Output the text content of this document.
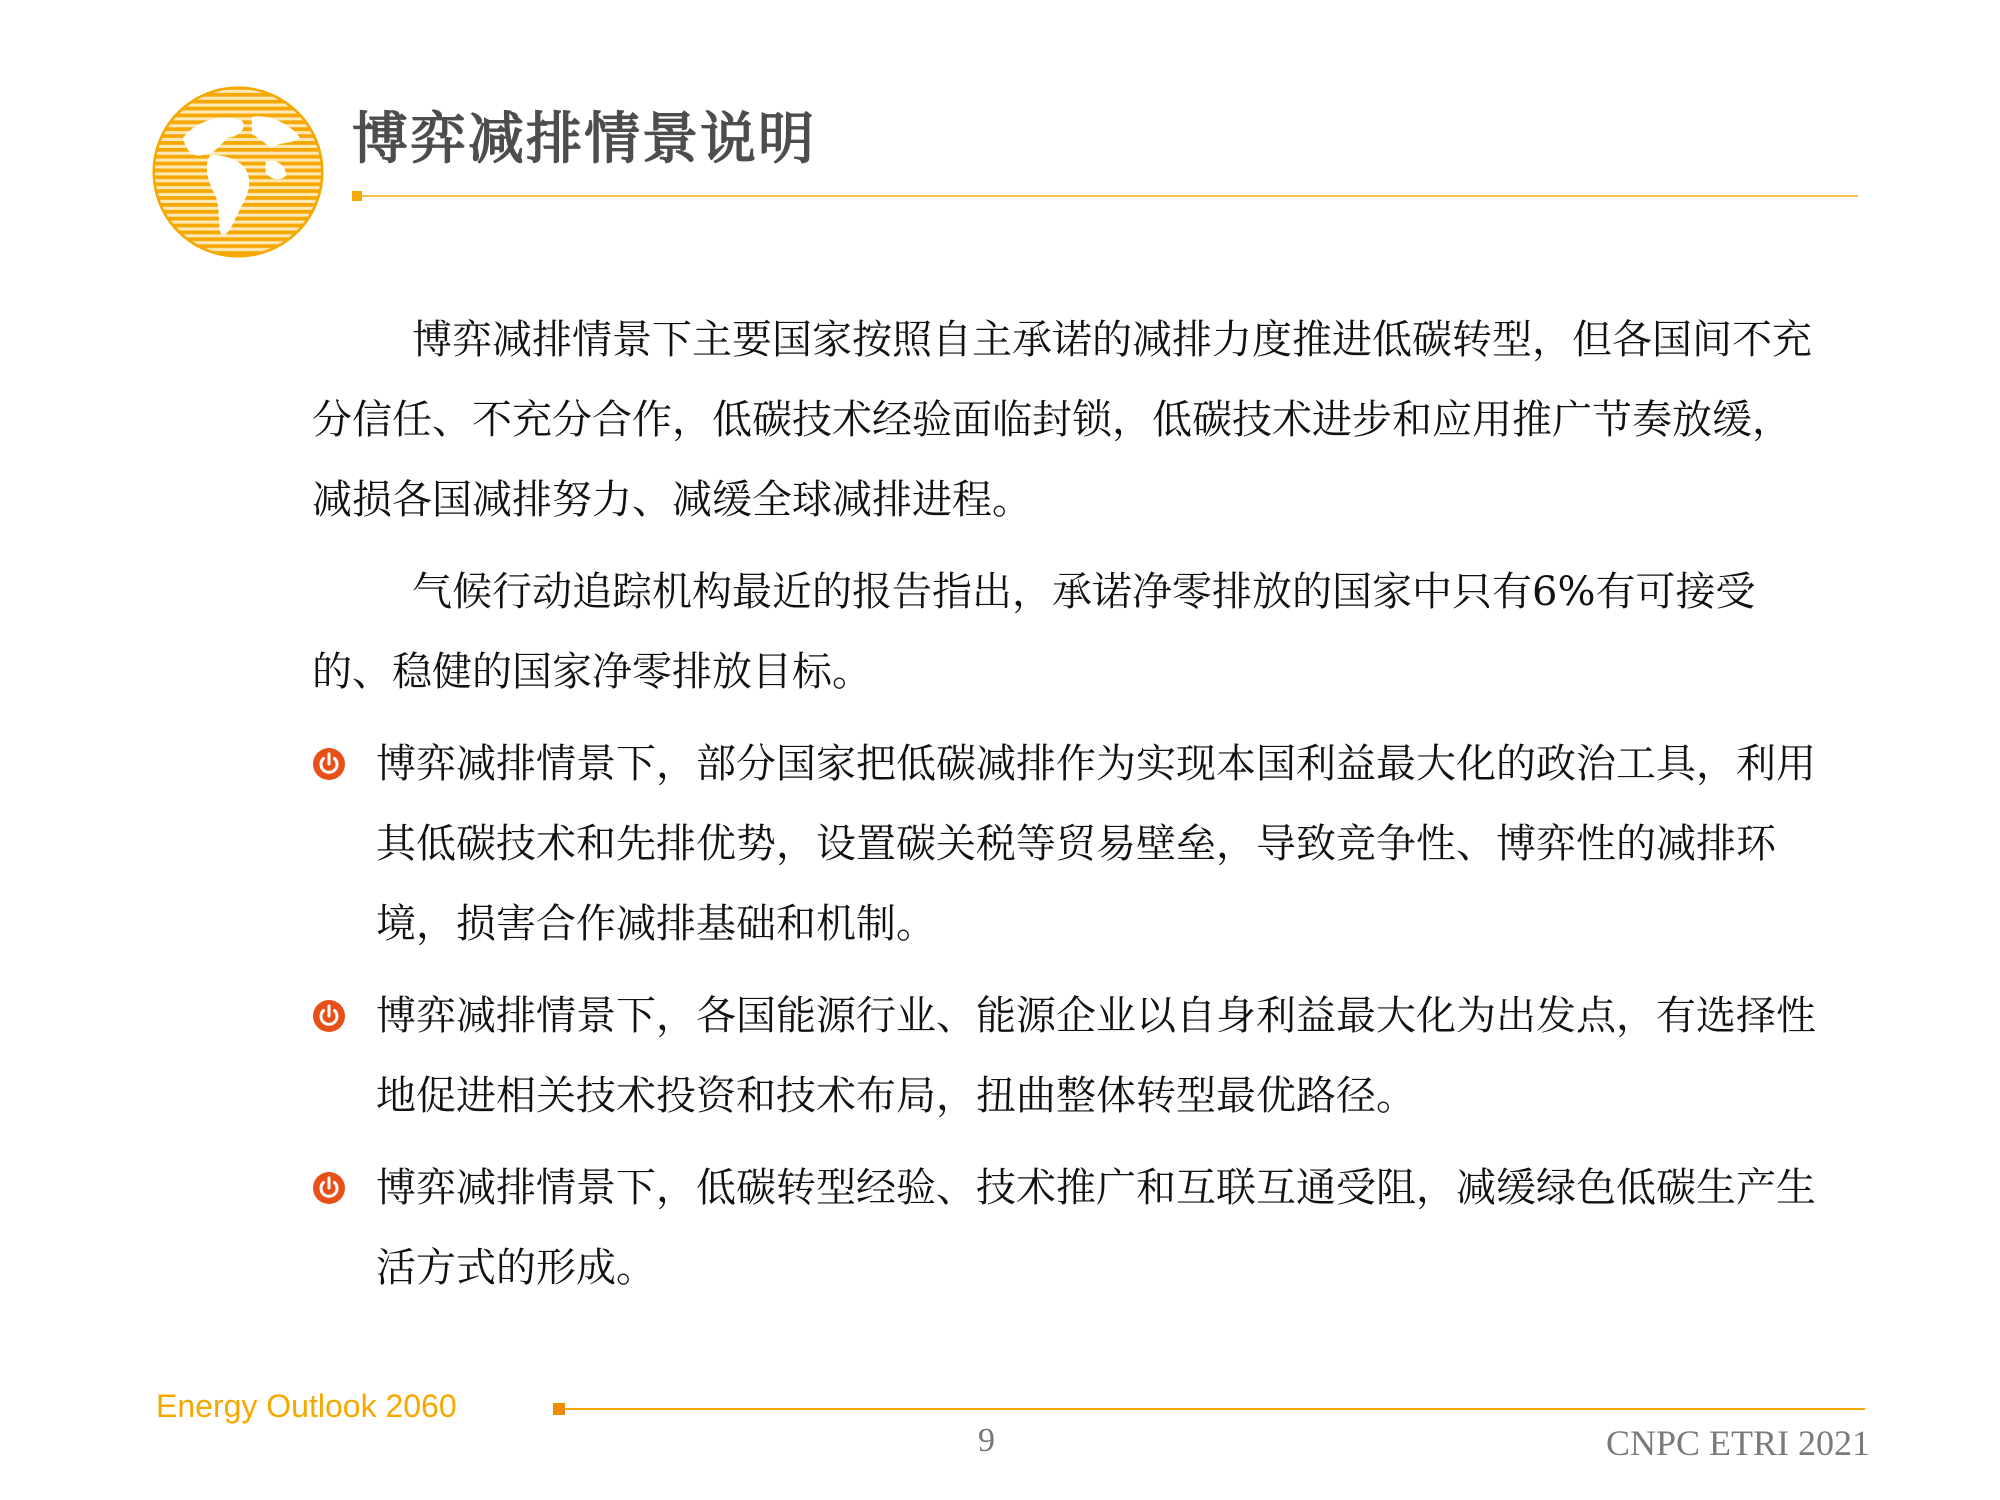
博弈减排情景说明

博弈减排情景下主要国家按照自主承诺的减排力度推进低碳转型，但各国间不充分信任、不充分合作，低碳技术经验面临封锁，低碳技术进步和应用推广节奏放缓，减损各国减排努力、减缓全球减排进程。

气候行动追踪机构最近的报告指出，承诺净零排放的国家中只有6%有可接受的、稳健的国家净零排放目标。

博弈减排情景下，部分国家把低碳减排作为实现本国利益最大化的政治工具，利用其低碳技术和先排优势，设置碳关税等贸易壁垒，导致竞争性、博弈性的减排环境，损害合作减排基础和机制。
博弈减排情景下，各国能源行业、能源企业以自身利益最大化为出发点，有选择性地促进相关技术投资和技术布局，扭曲整体转型最优路径。
博弈减排情景下，低碳转型经验、技术推广和互联互通受阻，减缓绿色低碳生产生活方式的形成。
Energy Outlook 2060
9	CNPC ETRI 2021
